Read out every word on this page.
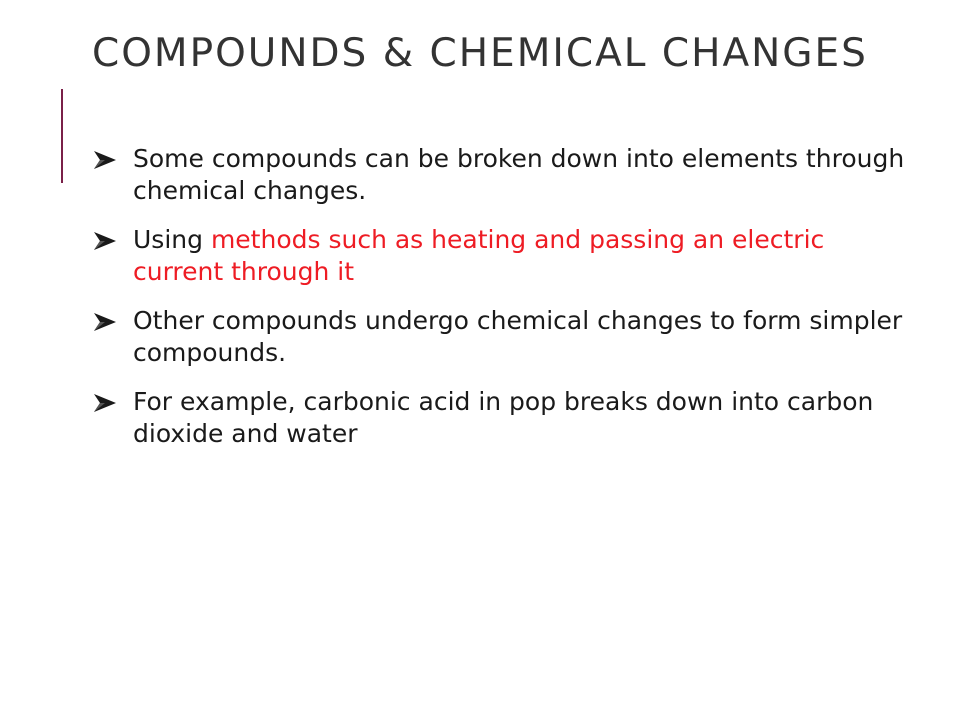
COMPOUNDS & CHEMICAL CHANGES
Some compounds can be broken down into elements through chemical changes.
Using methods such as heating and passing an electric current through it
Other compounds undergo chemical changes to form simpler compounds.
For example, carbonic acid in pop breaks down into carbon dioxide and water
